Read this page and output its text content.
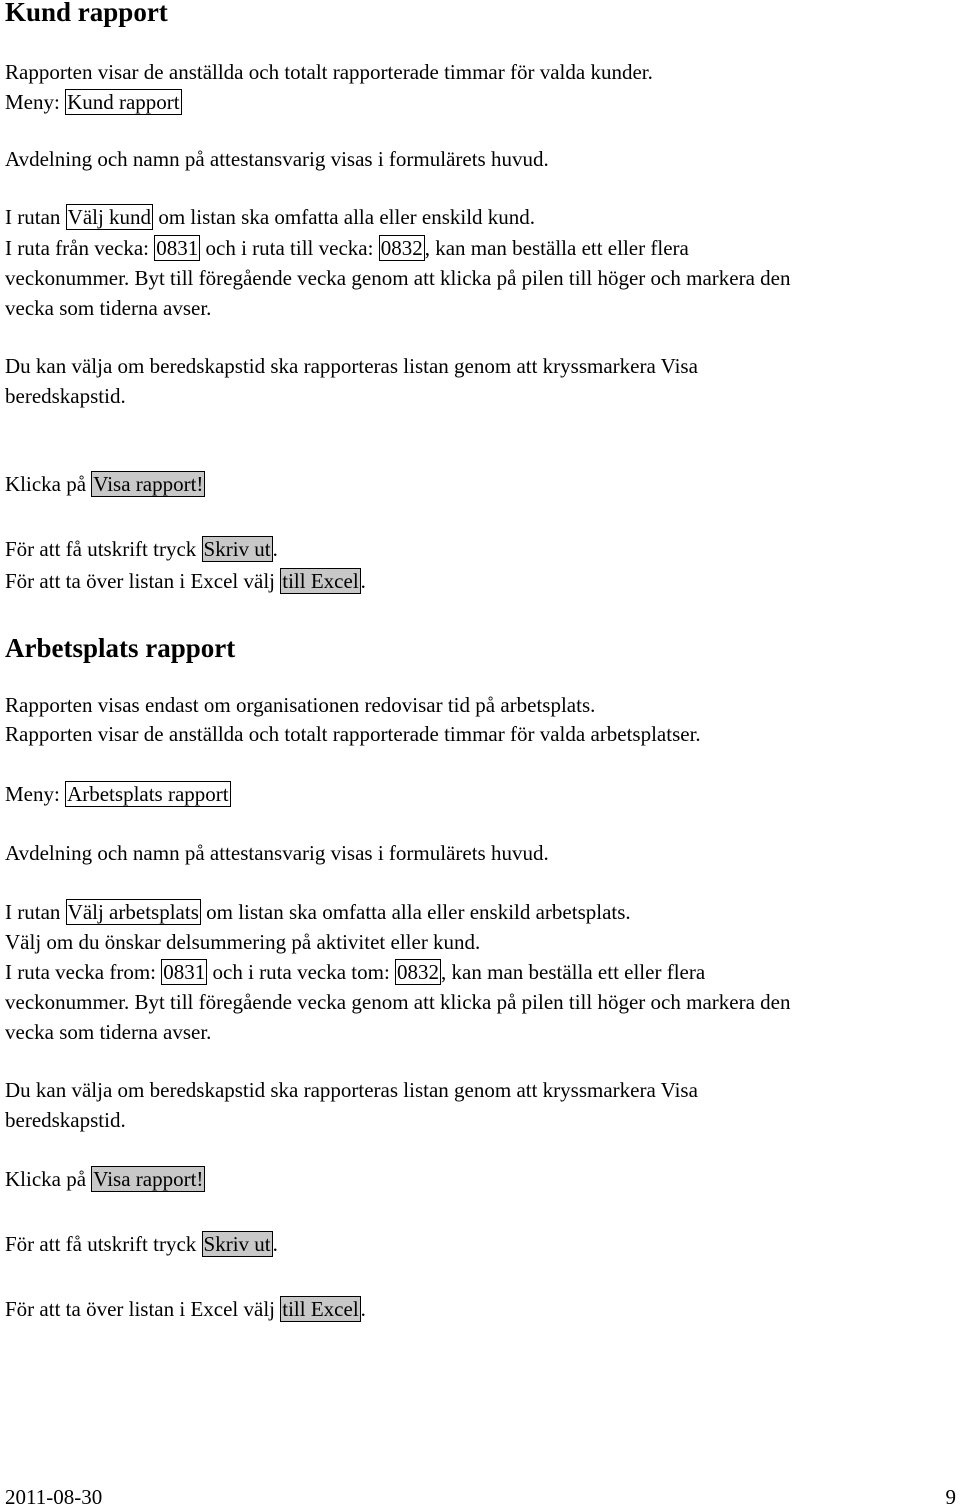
Kund rapport
Rapporten visar de anställda och totalt rapporterade timmar för valda kunder.
Meny: Kund rapport
Avdelning och namn på attestansvarig visas i formulärets huvud.
I rutan Välj kund om listan ska omfatta alla eller enskild kund.
I ruta från vecka: 0831 och i ruta till vecka: 0832, kan man beställa ett eller flera
veckonummer. Byt till föregående vecka genom att klicka på pilen till höger och markera den
vecka som tiderna avser.
Du kan välja om beredskapstid ska rapporteras listan genom att kryssmarkera Visa
beredskapstid.
Klicka på Visa rapport!
För att få utskrift tryck Skriv ut.
För att ta över listan i Excel välj till Excel.
Arbetsplats rapport
Rapporten visas endast om organisationen redovisar tid på arbetsplats.
Rapporten visar de anställda och totalt rapporterade timmar för valda arbetsplatser.
Meny: Arbetsplats rapport
Avdelning och namn på attestansvarig visas i formulärets huvud.
I rutan Välj arbetsplats om listan ska omfatta alla eller enskild arbetsplats.
Välj om du önskar delsummering på aktivitet eller kund.
I ruta vecka from: 0831 och i ruta vecka tom: 0832, kan man beställa ett eller flera
veckonummer. Byt till föregående vecka genom att klicka på pilen till höger och markera den
vecka som tiderna avser.
Du kan välja om beredskapstid ska rapporteras listan genom att kryssmarkera Visa
beredskapstid.
Klicka på Visa rapport!
För att få utskrift tryck Skriv ut.
För att ta över listan i Excel välj till Excel.
2011-08-30	9
